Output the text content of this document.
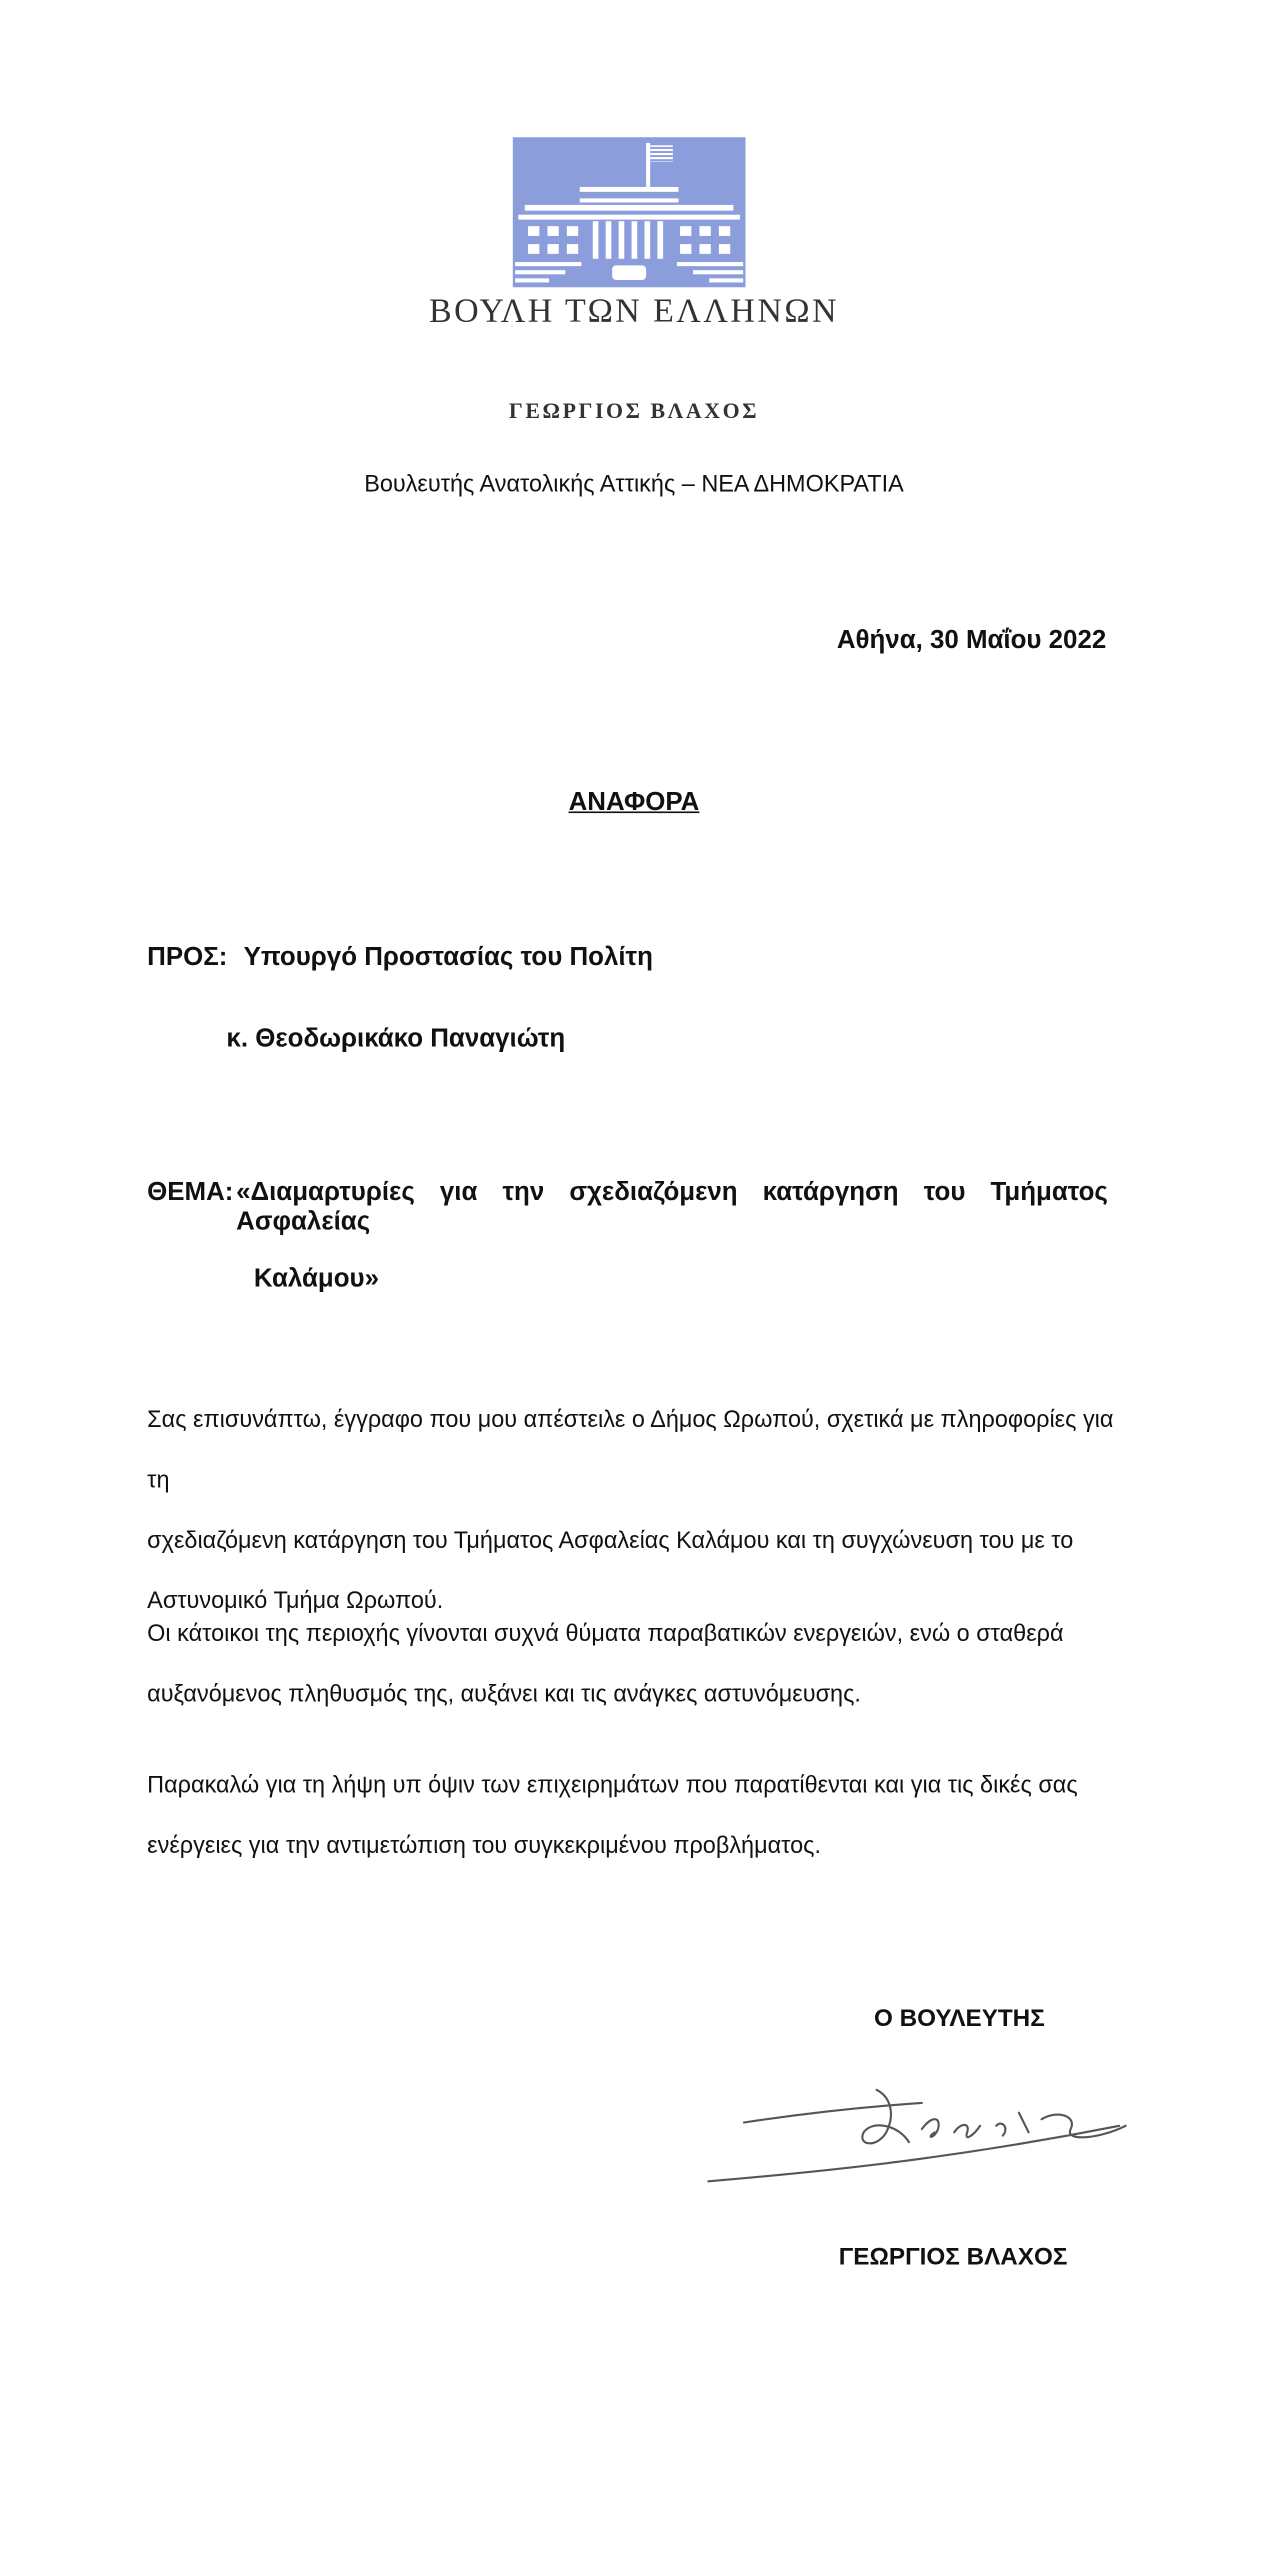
ΒΟΥΛΗ ΤΩΝ ΕΛΛΗΝΩΝ
ΓΕΩΡΓΙΟΣ ΒΛΑΧΟΣ
Βουλευτής Ανατολικής Αττικής – ΝΕΑ ΔΗΜΟΚΡΑΤΙΑ
Αθήνα, 30 Μαΐου 2022
ΑΝΑΦΟΡΑ
ΠΡΟΣ: Υπουργό Προστασίας του Πολίτη
κ. Θεοδωρικάκο Παναγιώτη
ΘΕΜΑ: «Διαμαρτυρίες για την σχεδιαζόμενη κατάργηση του Τμήματος Ασφαλείας
Καλάμου»
Σας επισυνάπτω, έγγραφο που μου απέστειλε ο Δήμος Ωρωπού, σχετικά με πληροφορίες για τη
σχεδιαζόμενη κατάργηση του Τμήματος Ασφαλείας Καλάμου και τη συγχώνευση του με το
Αστυνομικό Τμήμα Ωρωπού.
Οι κάτοικοι της περιοχής γίνονται συχνά θύματα παραβατικών ενεργειών, ενώ ο σταθερά
αυξανόμενος πληθυσμός της, αυξάνει και τις ανάγκες αστυνόμευσης.
Παρακαλώ για τη λήψη υπ όψιν των επιχειρημάτων που παρατίθενται και για τις δικές σας
ενέργειες για την αντιμετώπιση του συγκεκριμένου προβλήματος.
Ο ΒΟΥΛΕΥΤΗΣ
ΓΕΩΡΓΙΟΣ ΒΛΑΧΟΣ
